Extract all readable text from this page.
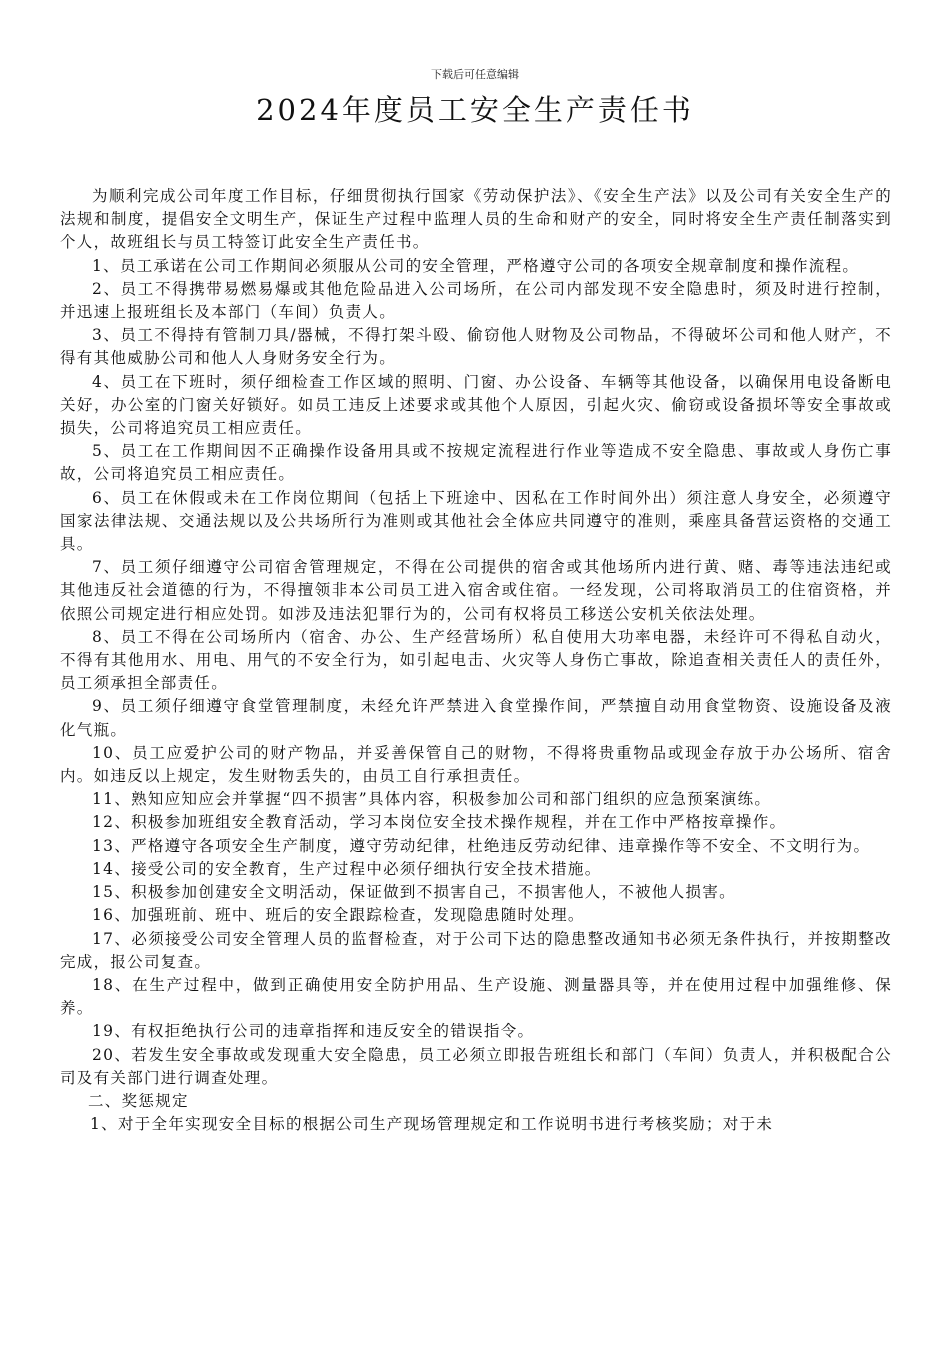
下载后可任意编辑
2024年度员工安全生产责任书

为顺利完成公司年度工作目标，仔细贯彻执行国家《劳动保护法》、《安全生产法》以及公司有关安全生产的法规和制度，提倡安全文明生产，保证生产过程中监理人员的生命和财产的安全，同时将安全生产责任制落实到个人，故班组长与员工特签订此安全生产责任书。

1、员工承诺在公司工作期间必须服从公司的安全管理，严格遵守公司的各项安全规章制度和操作流程。

2、员工不得携带易燃易爆或其他危险品进入公司场所，在公司内部发现不安全隐患时，须及时进行控制，并迅速上报班组长及本部门（车间）负责人。

3、员工不得持有管制刀具/器械，不得打架斗殴、偷窃他人财物及公司物品，不得破坏公司和他人财产，不得有其他威胁公司和他人人身财务安全行为。

4、员工在下班时，须仔细检查工作区域的照明、门窗、办公设备、车辆等其他设备，以确保用电设备断电关好，办公室的门窗关好锁好。如员工违反上述要求或其他个人原因，引起火灾、偷窃或设备损坏等安全事故或损失，公司将追究员工相应责任。

5、员工在工作期间因不正确操作设备用具或不按规定流程进行作业等造成不安全隐患、事故或人身伤亡事故，公司将追究员工相应责任。

6、员工在休假或未在工作岗位期间（包括上下班途中、因私在工作时间外出）须注意人身安全，必须遵守国家法律法规、交通法规以及公共场所行为准则或其他社会全体应共同遵守的准则，乘座具备营运资格的交通工具。

7、员工须仔细遵守公司宿舍管理规定，不得在公司提供的宿舍或其他场所内进行黄、赌、毒等违法违纪或其他违反社会道德的行为，不得擅领非本公司员工进入宿舍或住宿。一经发现，公司将取消员工的住宿资格，并依照公司规定进行相应处罚。如涉及违法犯罪行为的，公司有权将员工移送公安机关依法处理。

8、员工不得在公司场所内（宿舍、办公、生产经营场所）私自使用大功率电器，未经许可不得私自动火，不得有其他用水、用电、用气的不安全行为，如引起电击、火灾等人身伤亡事故，除追查相关责任人的责任外，员工须承担全部责任。

9、员工须仔细遵守食堂管理制度，未经允许严禁进入食堂操作间，严禁擅自动用食堂物资、设施设备及液化气瓶。

10、员工应爱护公司的财产物品，并妥善保管自己的财物，不得将贵重物品或现金存放于办公场所、宿舍内。如违反以上规定，发生财物丢失的，由员工自行承担责任。

11、熟知应知应会并掌握“四不损害”具体内容，积极参加公司和部门组织的应急预案演练。

12、积极参加班组安全教育活动，学习本岗位安全技术操作规程，并在工作中严格按章操作。

13、严格遵守各项安全生产制度，遵守劳动纪律，杜绝违反劳动纪律、违章操作等不安全、不文明行为。

14、接受公司的安全教育，生产过程中必须仔细执行安全技术措施。

15、积极参加创建安全文明活动，保证做到不损害自己，不损害他人，不被他人损害。

16、加强班前、班中、班后的安全跟踪检查，发现隐患随时处理。

17、必须接受公司安全管理人员的监督检查，对于公司下达的隐患整改通知书必须无条件执行，并按期整改完成，报公司复查。

18、在生产过程中，做到正确使用安全防护用品、生产设施、测量器具等，并在使用过程中加强维修、保养。

19、有权拒绝执行公司的违章指挥和违反安全的错误指令。

20、若发生安全事故或发现重大安全隐患，员工必须立即报告班组长和部门（车间）负责人，并积极配合公司及有关部门进行调查处理。

二、奖惩规定

1、对于全年实现安全目标的根据公司生产现场管理规定和工作说明书进行考核奖励；对于未
